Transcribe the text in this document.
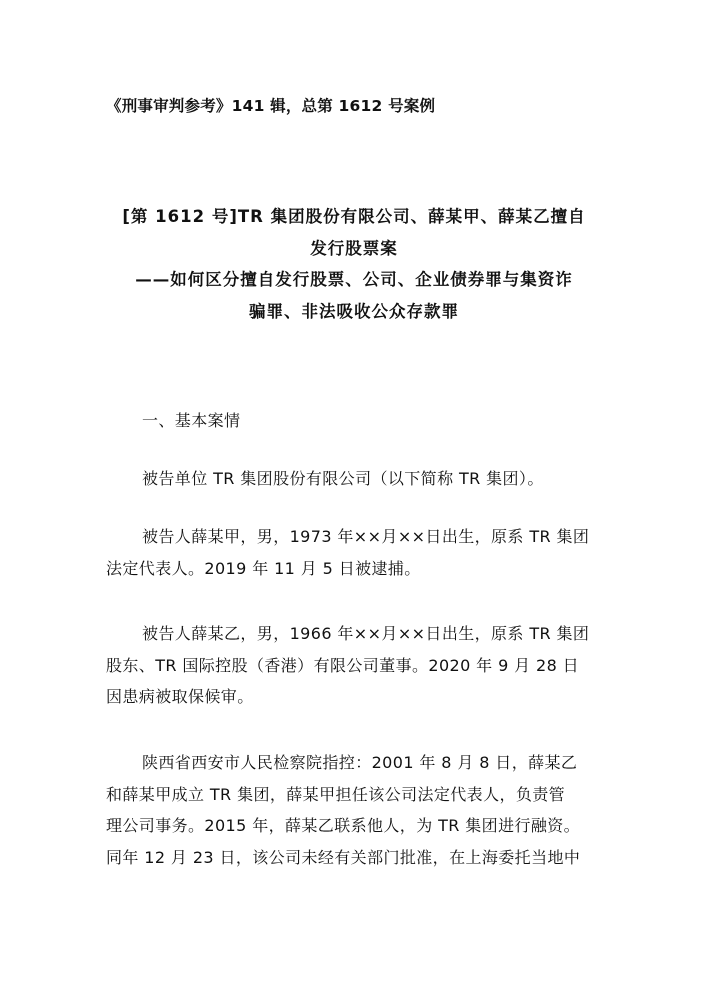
《刑事审判参考》141 辑，总第 1612 号案例
[第 1612 号]TR 集团股份有限公司、薛某甲、薛某乙擅自
发行股票案
——如何区分擅自发行股票、公司、企业债券罪与集资诈
骗罪、非法吸收公众存款罪
一、基本案情
被告单位 TR 集团股份有限公司（以下简称 TR 集团）。
被告人薛某甲，男，1973 年××月××日出生，原系 TR 集团
法定代表人。2019 年 11 月 5 日被逮捕。
被告人薛某乙，男，1966 年××月××日出生，原系 TR 集团
股东、TR 国际控股（香港）有限公司董事。2020 年 9 月 28 日
因患病被取保候审。
陕西省西安市人民检察院指控：2001 年 8 月 8 日，薛某乙
和薛某甲成立 TR 集团，薛某甲担任该公司法定代表人，负责管
理公司事务。2015 年，薛某乙联系他人，为 TR 集团进行融资。
同年 12 月 23 日，该公司未经有关部门批准，在上海委托当地中
